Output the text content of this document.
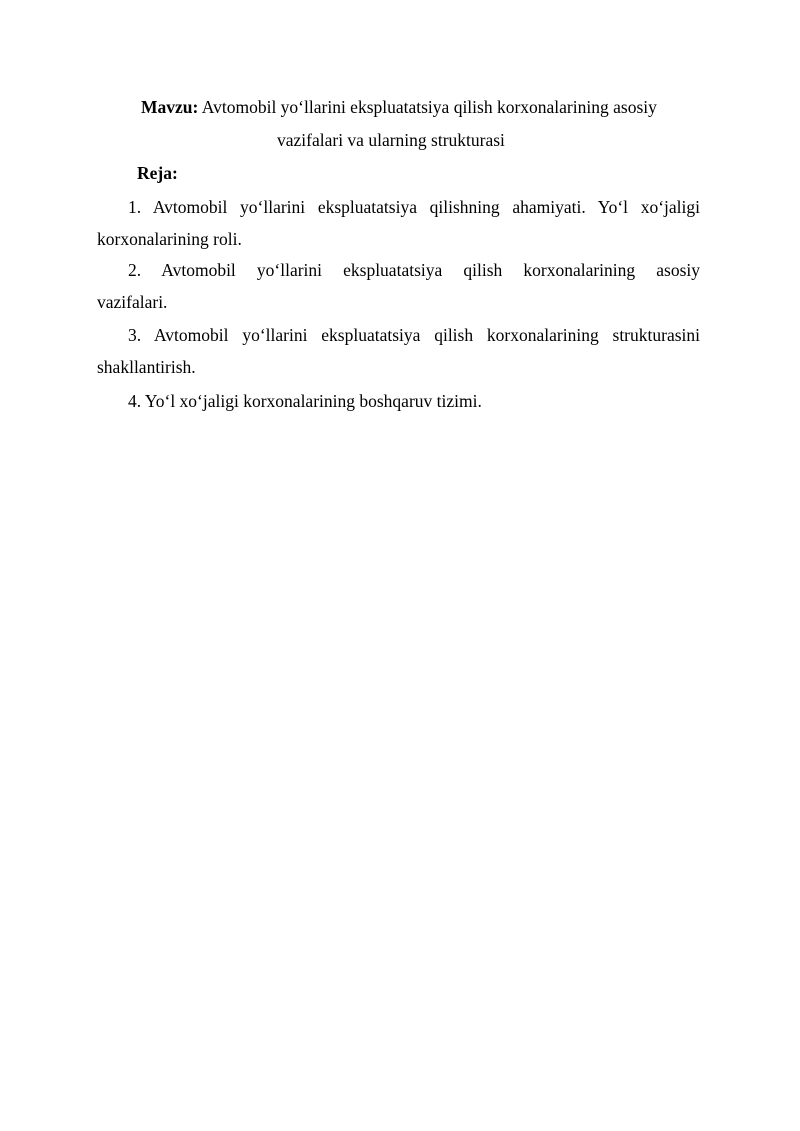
Mavzu: Avtomobil yo‘llarini ekspluatatsiya qilish korxonalarining asosiy
vazifalari va ularning strukturasi
Reja:
1. Avtomobil yo‘llarini ekspluatatsiya qilishning ahamiyati. Yo‘l xo‘jaligi
korxonalarining roli.
2. Avtomobil yo‘llarini ekspluatatsiya qilish korxonalarining asosiy
vazifalari.
3. Avtomobil yo‘llarini ekspluatatsiya qilish korxonalarining strukturasini
shakllantirish.
4. Yo‘l xo‘jaligi korxonalarining boshqaruv tizimi.
